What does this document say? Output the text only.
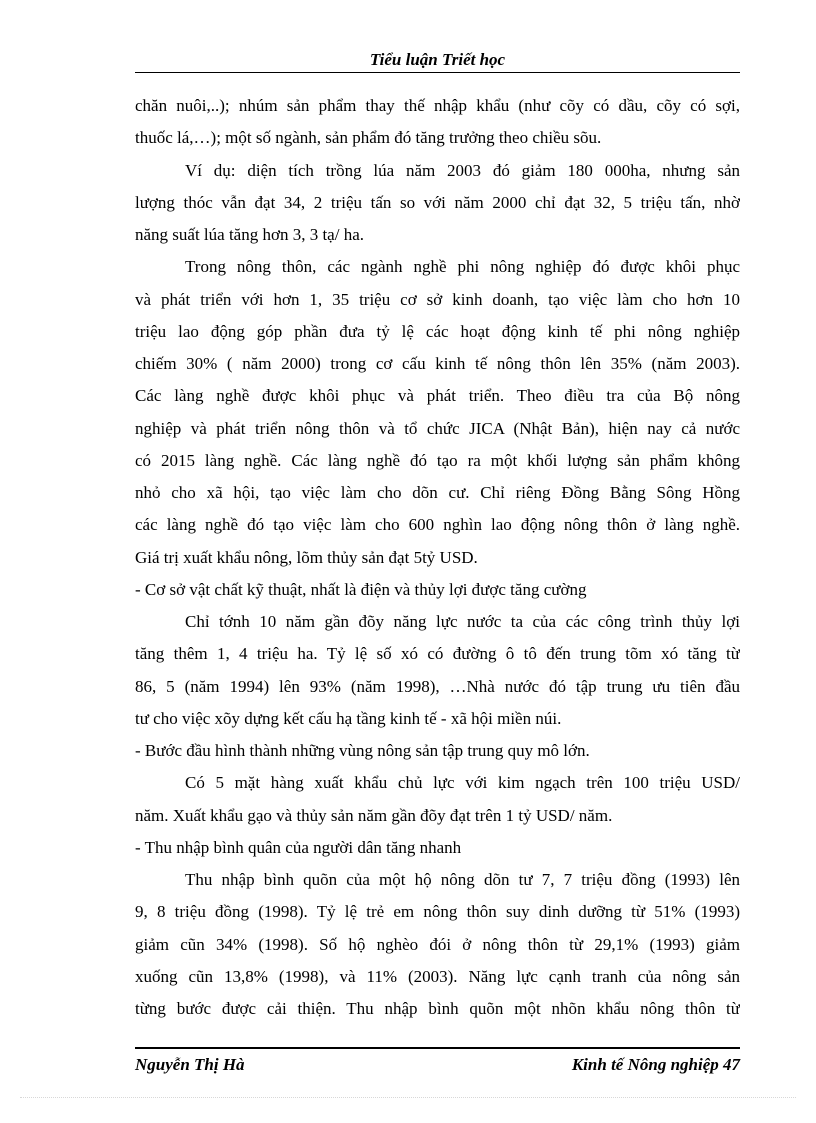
Tiểu luận Triết học
chăn nuôi,..); nhúm sản phẩm thay thế nhập khẩu (như cõy có dầu, cõy có sợi,
thuốc lá,…); một số ngành, sản phẩm đó tăng trưởng theo chiều sõu.
Ví dụ: diện tích trồng lúa năm 2003 đó giảm 180 000ha, nhưng sản
lượng thóc vẫn đạt 34, 2 triệu tấn so với năm 2000 chỉ đạt 32, 5 triệu tấn, nhờ
năng suất lúa tăng hơn 3, 3 tạ/ ha.
Trong nông thôn, các ngành nghề phi nông nghiệp đó được khôi phục
và phát triển với hơn 1, 35 triệu cơ sở kinh doanh, tạo việc làm cho hơn 10
triệu lao động góp phần đưa tỷ lệ các hoạt động kinh tế phi nông nghiệp
chiếm 30% ( năm 2000) trong cơ cấu kinh tế nông thôn lên 35% (năm 2003).
Các làng nghề được khôi phục và phát triển. Theo điều tra của Bộ nông
nghiệp và phát triển nông thôn và tổ chức JICA (Nhật Bản), hiện nay cả nước
có 2015 làng nghề. Các làng nghề đó tạo ra một khối lượng sản phẩm không
nhỏ cho xã hội, tạo việc làm cho dõn cư. Chỉ riêng Đồng Bằng Sông Hồng
các làng nghề đó tạo việc làm cho 600 nghìn lao động nông thôn ở làng nghề.
Giá trị xuất khẩu nông, lõm thủy sản đạt 5tỷ USD.
- Cơ sở vật chất kỹ thuật, nhất là điện và thủy lợi được tăng cường
Chỉ tớnh 10 năm gần đõy năng lực nước ta của các công trình thủy lợi
tăng thêm 1, 4 triệu ha. Tỷ lệ số xó có đường ô tô đến trung tõm xó tăng từ
86, 5 (năm 1994) lên 93% (năm 1998), …Nhà nước đó tập trung ưu tiên đầu
tư cho việc xõy dựng kết cấu hạ tầng kinh tế - xã hội miền núi.
- Bước đầu hình thành những vùng nông sản tập trung quy mô lớn.
Có 5 mặt hàng xuất khẩu chủ lực với kim ngạch trên 100 triệu USD/
năm. Xuất khẩu gạo và thủy sản năm gần đõy đạt trên 1 tỷ USD/ năm.
- Thu nhập bình quân của người dân tăng nhanh
Thu nhập bình quõn của một hộ nông dõn tư 7, 7 triệu đồng (1993) lên
9, 8 triệu đồng (1998). Tỷ lệ trẻ em nông thôn suy dinh dưỡng từ 51% (1993)
giảm cũn 34% (1998). Số hộ nghèo đói ở nông thôn từ 29,1% (1993) giảm
xuống cũn 13,8% (1998), và 11% (2003). Năng lực cạnh tranh của nông sản
từng bước được cải thiện. Thu nhập bình quõn một nhõn khẩu nông thôn từ
Nguyễn Thị Hà	Kinh tế Nông nghiệp 47
